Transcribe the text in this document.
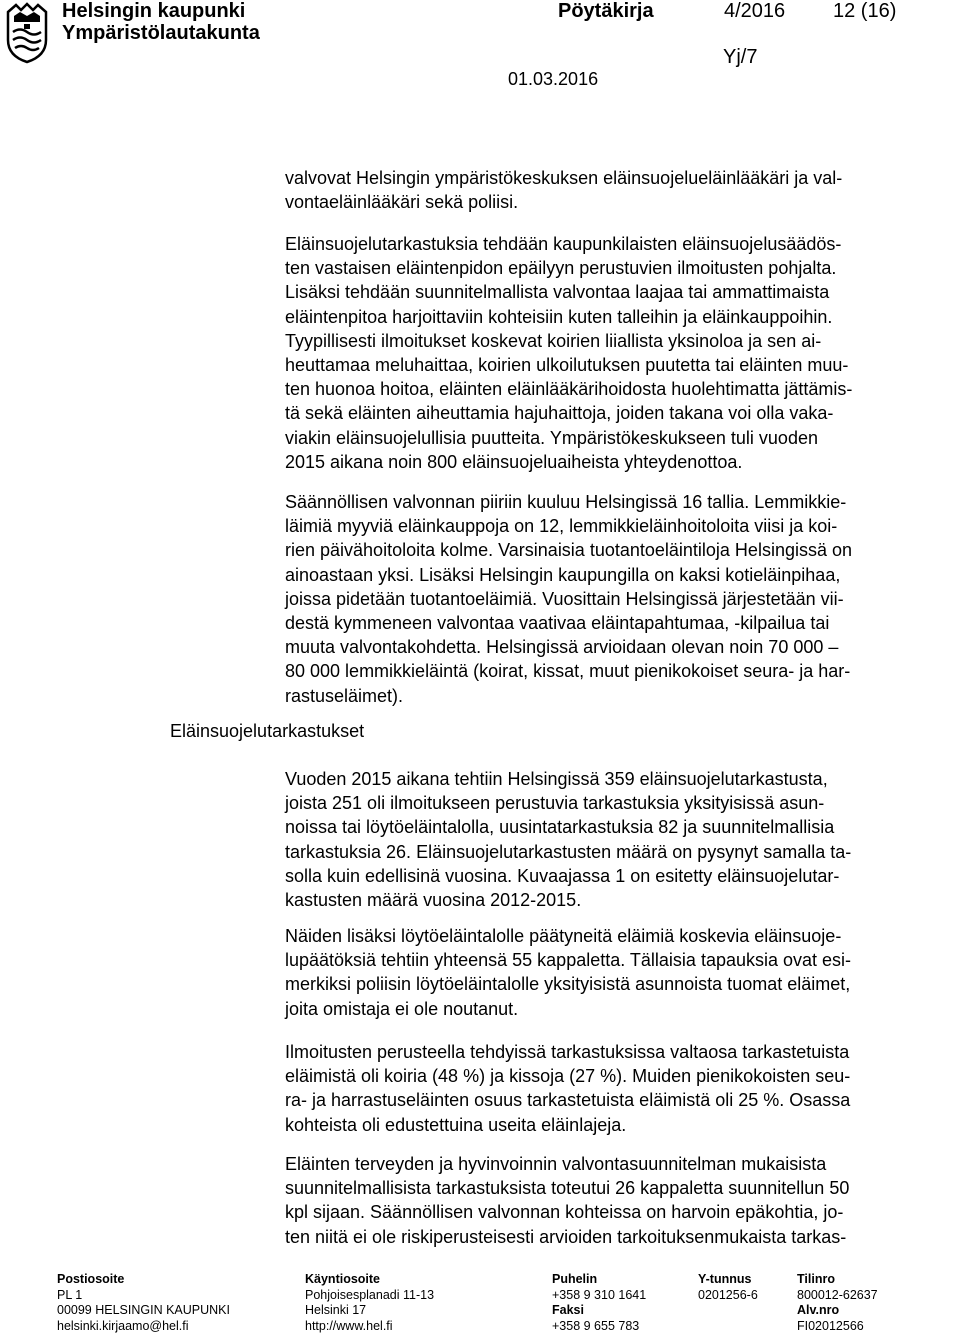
Helsingin kaupunki
Ympäristölautakunta
Pöytäkirja	4/2016 12 (16)
Yj/7
01.03.2016
Eläinsuojelutarkastukset
valvovat Helsingin ympäristökeskuksen eläinsuojelueläinlääkäri ja val-
vontaeläinlääkäri sekä poliisi.
Eläinsuojelutarkastuksia tehdään kaupunkilaisten eläinsuojelusäädös-
ten vastaisen eläintenpidon epäilyyn perustuvien ilmoitusten pohjalta.
Lisäksi tehdään suunnitelmallista valvontaa laajaa tai ammattimaista
eläintenpitoa harjoittaviin kohteisiin kuten talleihin ja eläinkauppoihin.
Tyypillisesti ilmoitukset koskevat koirien liiallista yksinoloa ja sen ai-
heuttamaa meluhaittaa, koirien ulkoilutuksen puutetta tai eläinten muu-
ten huonoa hoitoa, eläinten eläinlääkärihoidosta huolehtimatta jättämis-
tä sekä eläinten aiheuttamia hajuhaittoja, joiden takana voi olla vaka-
viakin eläinsuojelullisia puutteita. Ympäristökeskukseen tuli vuoden
2015 aikana noin 800 eläinsuojeluaiheista yhteydenottoa.
Säännöllisen valvonnan piiriin kuuluu Helsingissä 16 tallia. Lemmikkie-
läimiä myyviä eläinkauppoja on 12, lemmikkieläinhoitoloita viisi ja koi-
rien päivähoitoloita kolme. Varsinaisia tuotantoeläintiloja Helsingissä on
ainoastaan yksi. Lisäksi Helsingin kaupungilla on kaksi kotieläinpihaa,
joissa pidetään tuotantoeläimiä. Vuosittain Helsingissä järjestetään vii-
destä kymmeneen valvontaa vaativaa eläintapahtumaa, -kilpailua tai
muuta valvontakohdetta. Helsingissä arvioidaan olevan noin 70 000 –
80 000 lemmikkieläintä (koirat, kissat, muut pienikokoiset seura- ja har-
rastuseläimet).
Vuoden 2015 aikana tehtiin Helsingissä 359 eläinsuojelutarkastusta,
joista 251 oli ilmoitukseen perustuvia tarkastuksia yksityisissä asun-
noissa tai löytöeläintalolla, uusintatarkastuksia 82 ja suunnitelmallisia
tarkastuksia 26. Eläinsuojelutarkastusten määrä on pysynyt samalla ta-
solla kuin edellisinä vuosina. Kuvaajassa 1 on esitetty eläinsuojelutar-
kastusten määrä vuosina 2012-2015.
Näiden lisäksi löytöeläintalolle päätyneitä eläimiä koskevia eläinsuoje-
lupäätöksiä tehtiin yhteensä 55 kappaletta. Tällaisia tapauksia ovat esi-
merkiksi poliisin löytöeläintalolle yksityisistä asunnoista tuomat eläimet,
joita omistaja ei ole noutanut.
Ilmoitusten perusteella tehdyissä tarkastuksissa valtaosa tarkastetuista
eläimistä oli koiria (48 %) ja kissoja (27 %). Muiden pienikokoisten seu-
ra- ja harrastuseläinten osuus tarkastetuista eläimistä oli 25 %. Osassa
kohteista oli edustettuina useita eläinlajeja.
Eläinten terveyden ja hyvinvoinnin valvontasuunnitelman mukaisista
suunnitelmallisista tarkastuksista toteutui 26 kappaletta suunnitellun 50
kpl sijaan. Säännöllisen valvonnan kohteissa on harvoin epäkohtia, jo-
ten niitä ei ole riskiperusteisesti arvioiden tarkoituksenmukaista tarkas-
Postiosoite
PL 1
00099 HELSINGIN KAUPUNKI
helsinki.kirjaamo@hel.fi
Käyntiosoite
Pohjoisesplanadi 11-13
Helsinki 17
http://www.hel.fi
Puhelin
+358 9 310 1641
Faksi
+358 9 655 783
Y-tunnus
0201256-6
Tilinro
800012-62637
Alv.nro
FI02012566
